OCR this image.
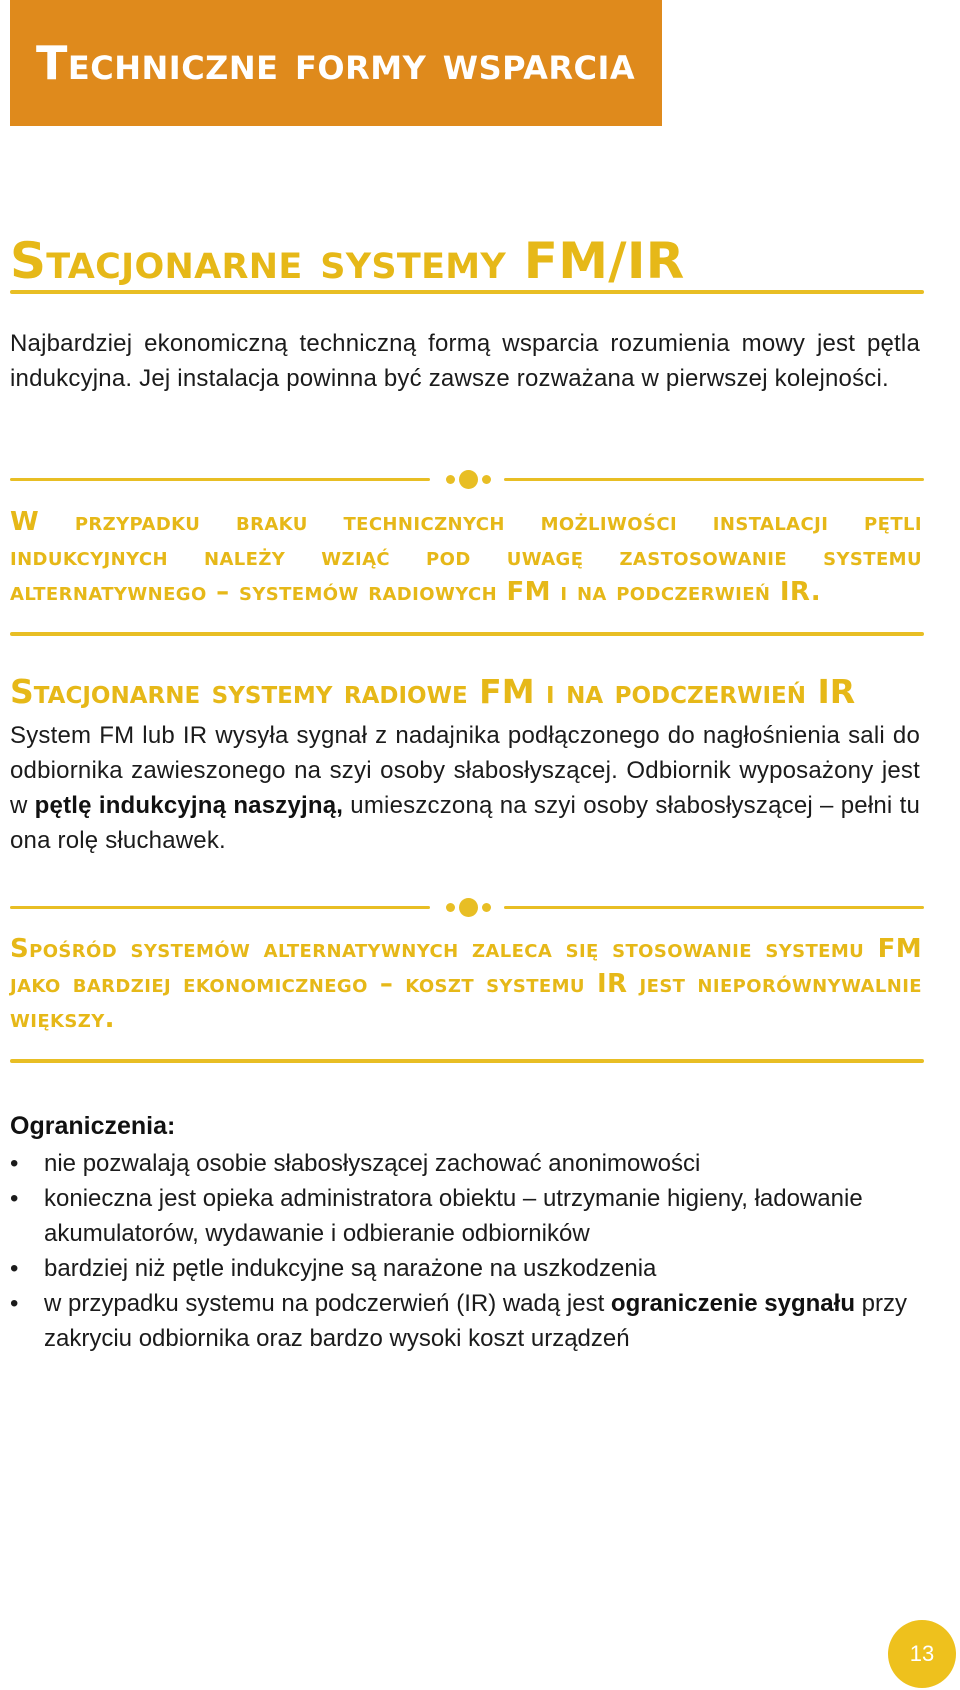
Techniczne formy wsparcia
Stacjonarne systemy FM/IR
Najbardziej ekonomiczną techniczną formą wsparcia rozumienia mowy jest pętla indukcyjna. Jej instalacja powinna być zawsze rozważana w pierwszej kolejności.
W przypadku braku technicznych możliwości instalacji pętli indukcyjnych należy wziąć pod uwagę zastosowanie systemu alternatywnego – systemów radiowych FM i na podczerwień IR.
Stacjonarne systemy radiowe FM i na podczerwień IR
System FM lub IR wysyła sygnał z nadajnika podłączonego do nagłośnienia sali do odbiornika zawieszonego na szyi osoby słabosłyszącej. Odbiornik wyposażony jest w pętlę indukcyjną naszyjną, umieszczoną na szyi osoby słabosłyszącej – pełni tu ona rolę słuchawek.
Spośród systemów alternatywnych zaleca się stosowanie systemu FM jako bardziej ekonomicznego – koszt systemu IR jest nieporównywalnie większy.
Ograniczenia:
•	nie pozwalają osobie słabosłyszącej zachować anonimowości
•	konieczna jest opieka administratora obiektu – utrzymanie higieny, ładowanie akumulatorów, wydawanie i odbieranie odbiorników
•	bardziej niż pętle indukcyjne są narażone na uszkodzenia
•	w przypadku systemu na podczerwień (IR) wadą jest ograniczenie sygnału przy zakryciu odbiornika oraz bardzo wysoki koszt urządzeń
13
